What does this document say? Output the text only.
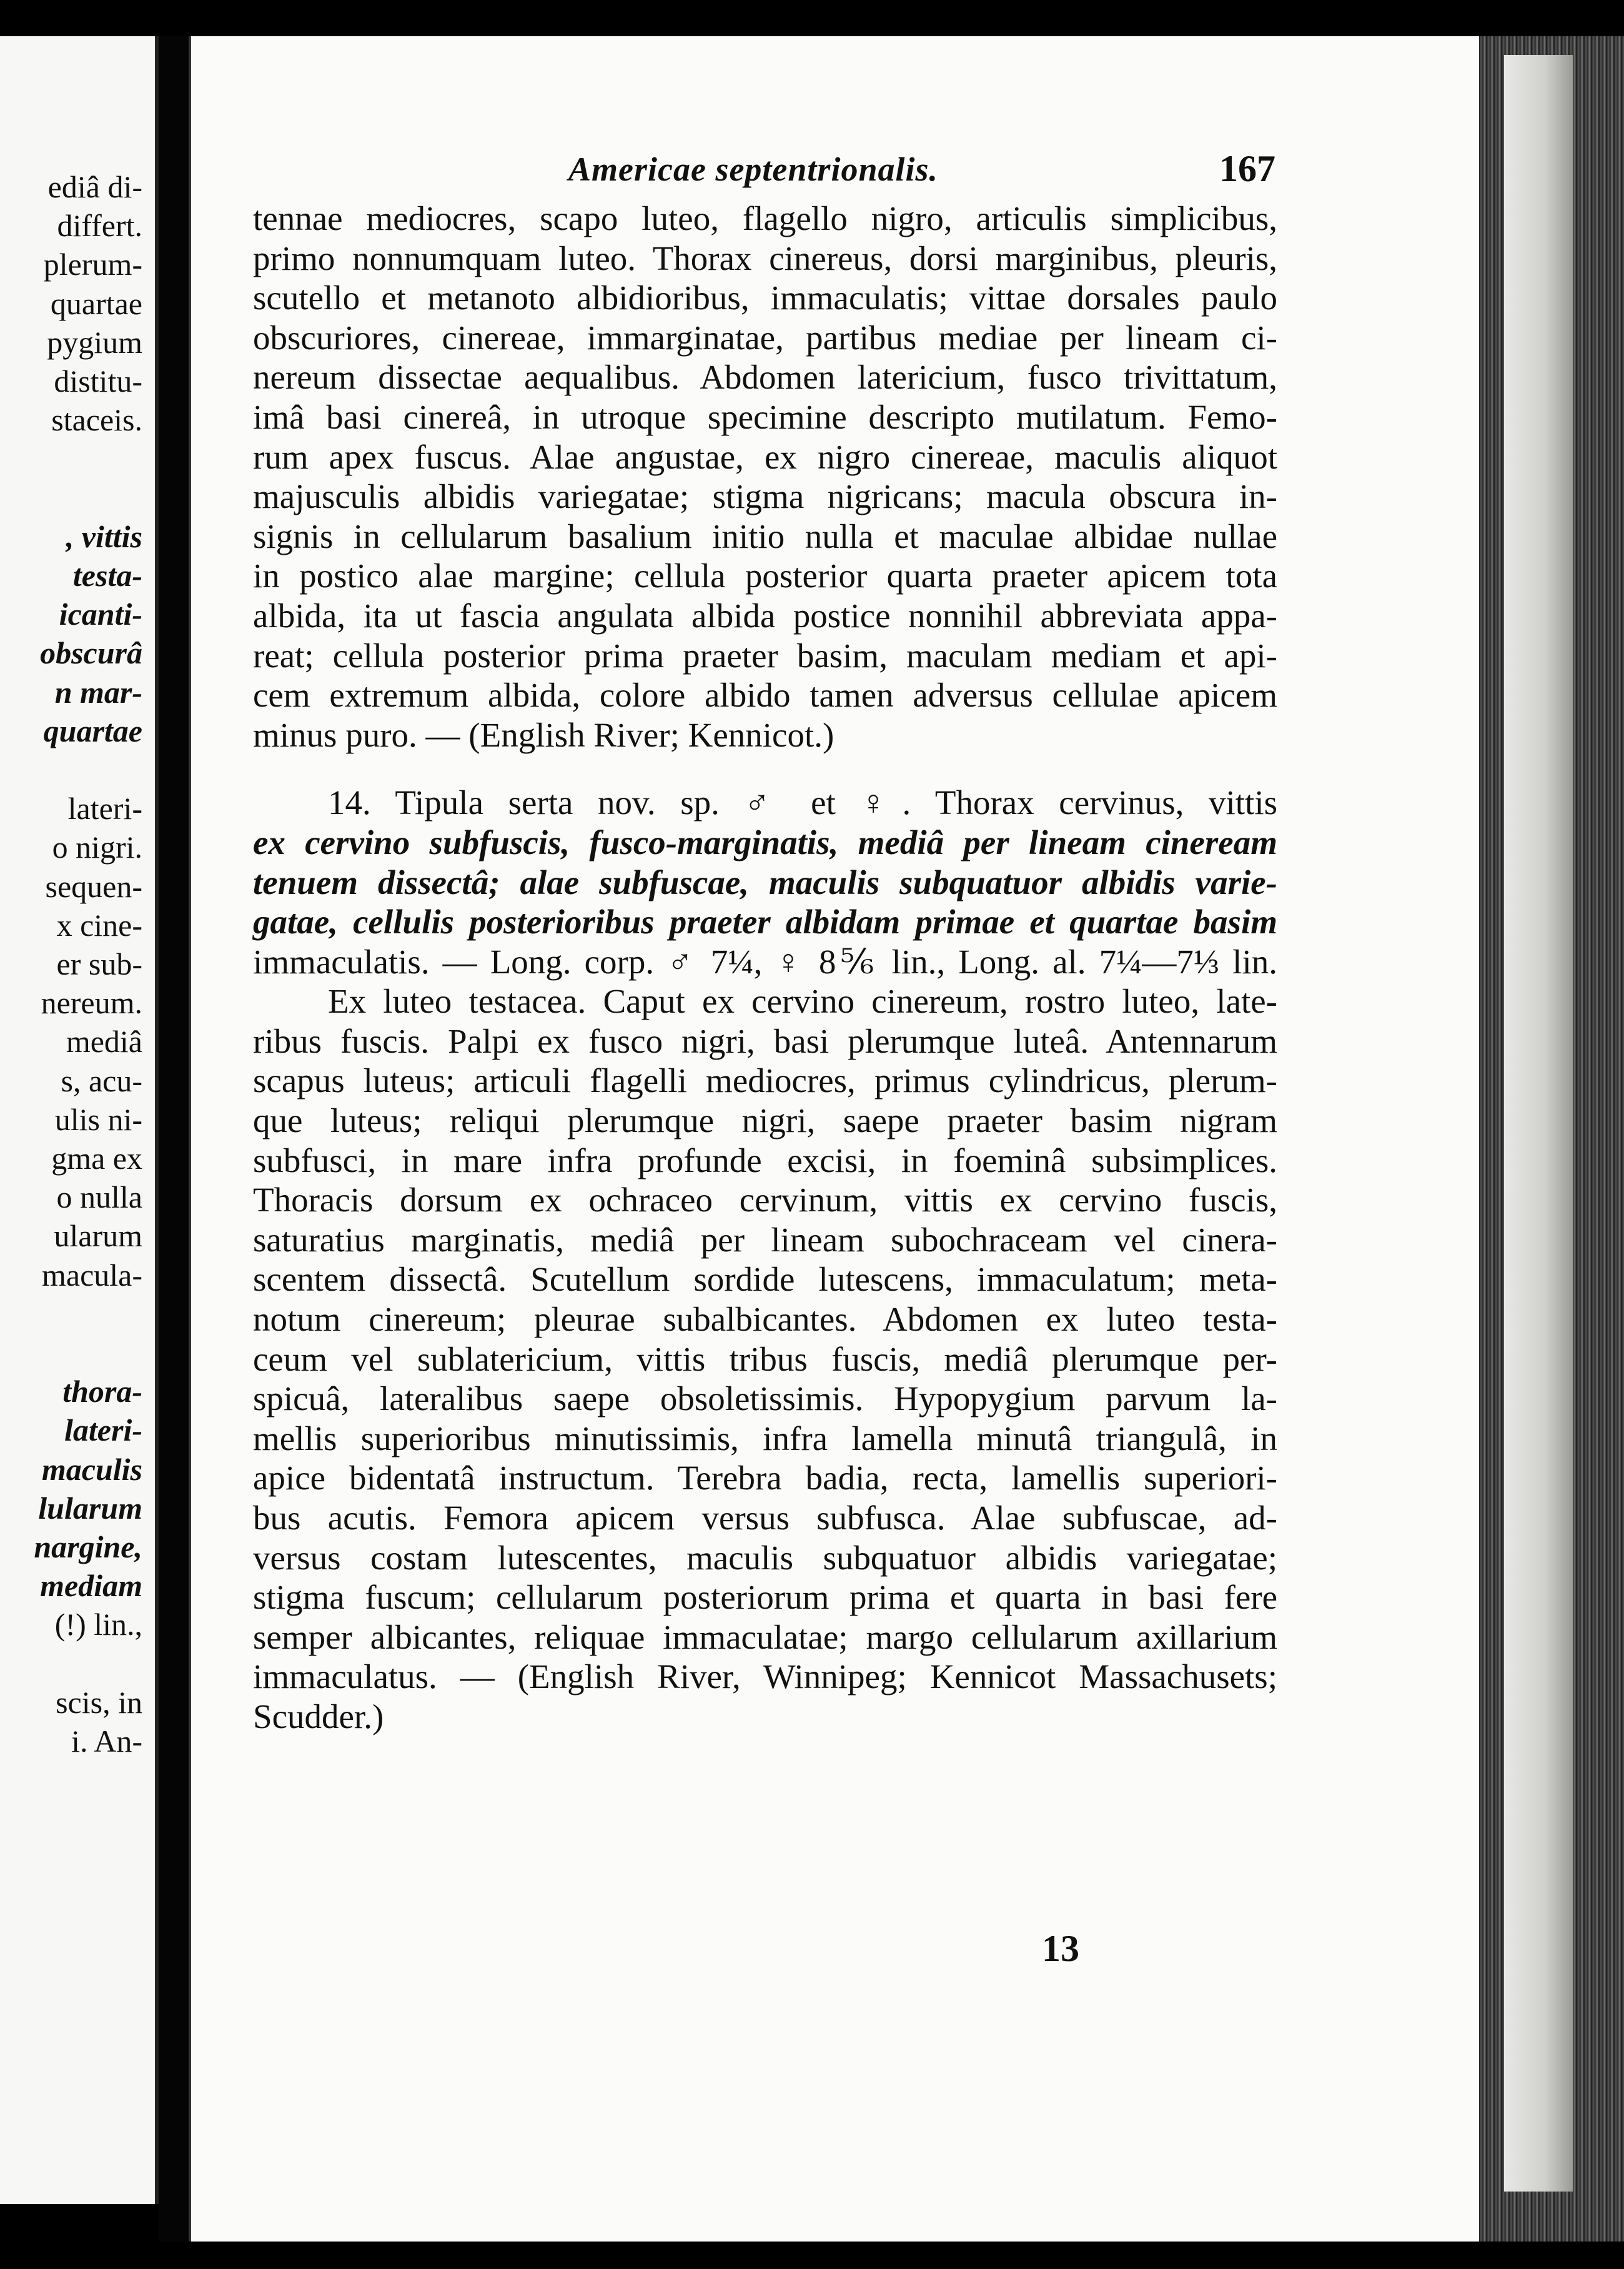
ediâ di-
differt.
plerum-
quartae
pygium
distitu-
staceis.
, vittis
testa-
icanti-
obscurâ
n mar-
quartae
lateri-
o nigri.
sequen-
x cine-
er sub-
nereum.
mediâ
s, acu-
ulis ni-
gma ex
o nulla
ularum
macula-
thora-
lateri-
maculis
lularum
nargine,
mediam
(!) lin.,
scis, in
i. An-
Americae septentrionalis.	167
tennae mediocres, scapo luteo, flagello nigro, articulis simplicibus,
primo nonnumquam luteo. Thorax cinereus, dorsi marginibus, pleuris,
scutello et metanoto albidioribus, immaculatis; vittae dorsales paulo
obscuriores, cinereae, immarginatae, partibus mediae per lineam ci-
nereum dissectae aequalibus. Abdomen latericium, fusco trivittatum,
imâ basi cinereâ, in utroque specimine descripto mutilatum. Femo-
rum apex fuscus. Alae angustae, ex nigro cinereae, maculis aliquot
majusculis albidis variegatae; stigma nigricans; macula obscura in-
signis in cellularum basalium initio nulla et maculae albidae nullae
in postico alae margine; cellula posterior quarta praeter apicem tota
albida, ita ut fascia angulata albida postice nonnihil abbreviata appa-
reat; cellula posterior prima praeter basim, maculam mediam et api-
cem extremum albida, colore albido tamen adversus cellulae apicem
minus puro. — (English River; Kennicot.)
14. Tipula serta nov. sp. ♂ et ♀. Thorax cervinus, vittis
ex cervino subfuscis, fusco-marginatis, mediâ per lineam cineream
tenuem dissectâ; alae subfuscae, maculis subquatuor albidis varie-
gatae, cellulis posterioribus praeter albidam primae et quartae basim
immaculatis. — Long. corp. ♂ 7¼, ♀ 8⅚ lin., Long. al. 7¼—7⅓ lin.
Ex luteo testacea. Caput ex cervino cinereum, rostro luteo, late-
ribus fuscis. Palpi ex fusco nigri, basi plerumque luteâ. Antennarum
scapus luteus; articuli flagelli mediocres, primus cylindricus, plerum-
que luteus; reliqui plerumque nigri, saepe praeter basim nigram
subfusci, in mare infra profunde excisi, in foeminâ subsimplices.
Thoracis dorsum ex ochraceo cervinum, vittis ex cervino fuscis,
saturatius marginatis, mediâ per lineam subochraceam vel cinera-
scentem dissectâ. Scutellum sordide lutescens, immaculatum; meta-
notum cinereum; pleurae subalbicantes. Abdomen ex luteo testa-
ceum vel sublatericium, vittis tribus fuscis, mediâ plerumque per-
spicuâ, lateralibus saepe obsoletissimis. Hypopygium parvum la-
mellis superioribus minutissimis, infra lamella minutâ triangulâ, in
apice bidentatâ instructum. Terebra badia, recta, lamellis superiori-
bus acutis. Femora apicem versus subfusca. Alae subfuscae, ad-
versus costam lutescentes, maculis subquatuor albidis variegatae;
stigma fuscum; cellularum posteriorum prima et quarta in basi fere
semper albicantes, reliquae immaculatae; margo cellularum axillarium
immaculatus. — (English River, Winnipeg; Kennicot Massachusets;
Scudder.)
13
